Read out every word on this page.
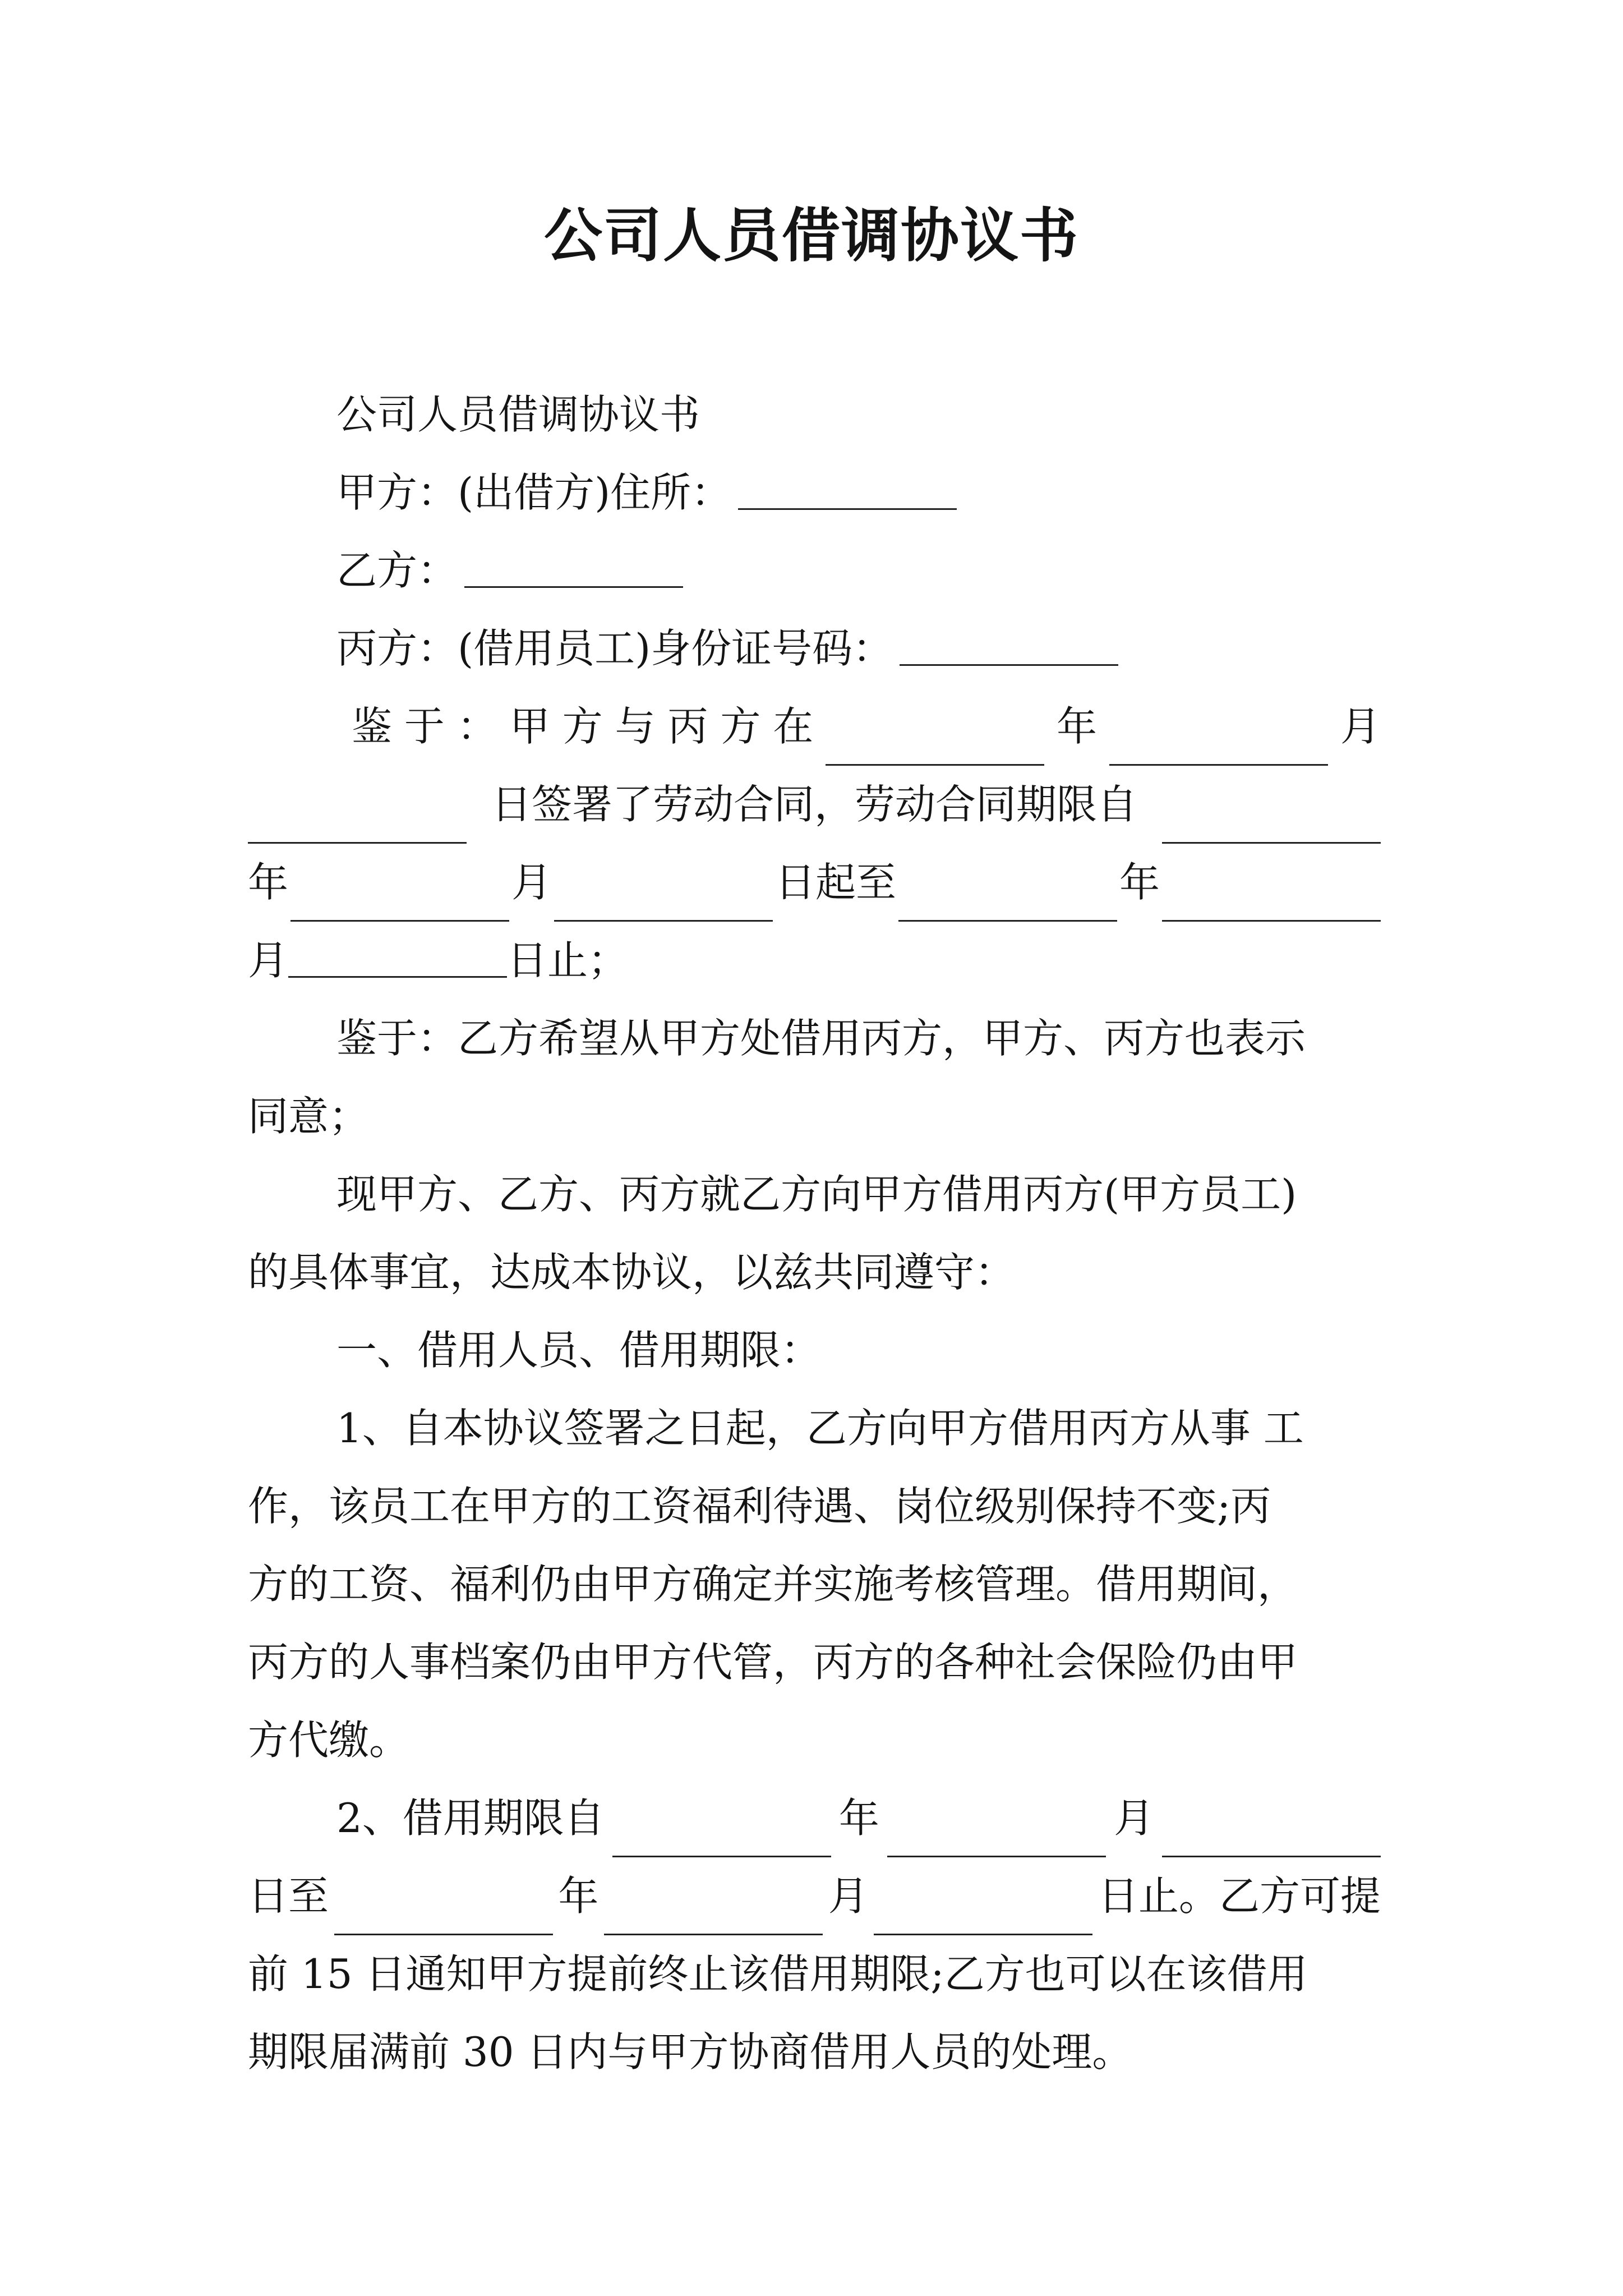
公司人员借调协议书
公司人员借调协议书
甲方：(出借方)住所：
乙方：
丙方：(借用员工)身份证号码：
鉴 于 ： 甲 方 与 丙 方 在	年	月
日签署了劳动合同，劳动合同期限自
年	月	日起至	年
月	日止；
鉴于：乙方希望从甲方处借用丙方，甲方、丙方也表示
同意；
现甲方、乙方、丙方就乙方向甲方借用丙方(甲方员工)
的具体事宜，达成本协议，以兹共同遵守：
一、借用人员、借用期限：
1、自本协议签署之日起，乙方向甲方借用丙方从事 工
作，该员工在甲方的工资福利待遇、岗位级别保持不变;丙
方的工资、福利仍由甲方确定并实施考核管理。借用期间，
丙方的人事档案仍由甲方代管，丙方的各种社会保险仍由甲
方代缴。
2、借用期限自	年	月
日至	年	月	日止。乙方可提
前 15 日通知甲方提前终止该借用期限;乙方也可以在该借用
期限届满前 30 日内与甲方协商借用人员的处理。
